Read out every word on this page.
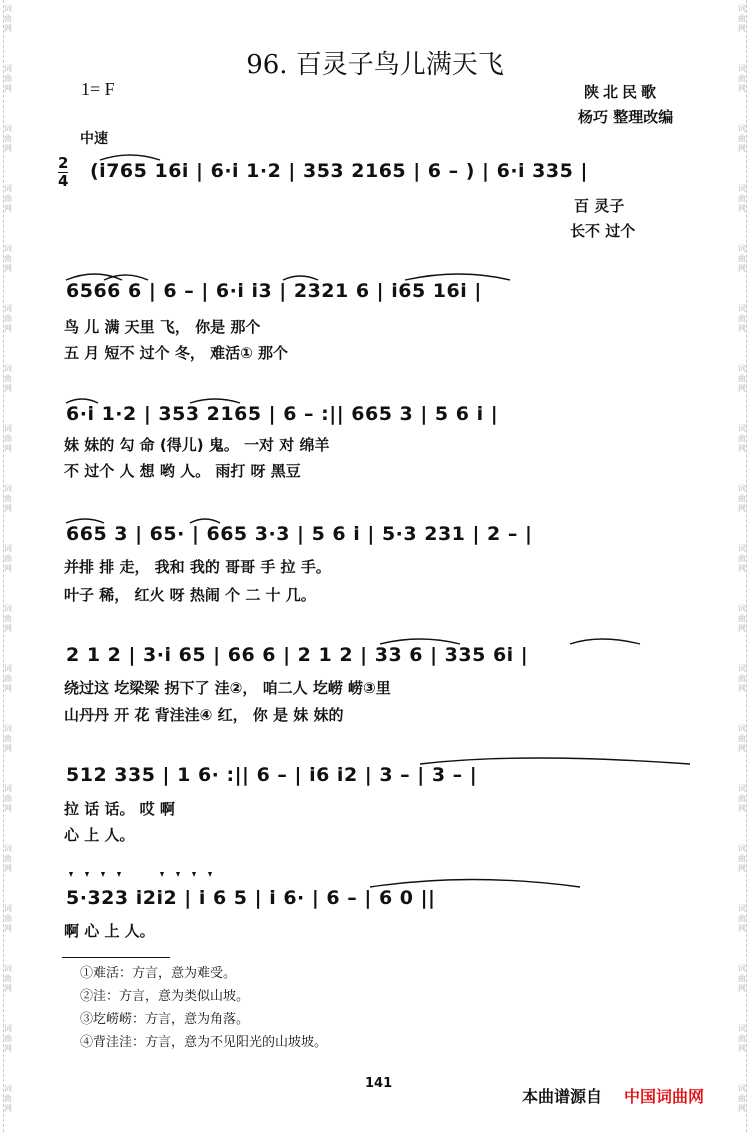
词
曲
网
词
曲
网
词
曲
网
词
曲
网
词
曲
网
词
曲
网
词
曲
网
词
曲
网
词
曲
网
词
曲
网
词
曲
网
词
曲
网
词
曲
网
词
曲
网
词
曲
网
词
曲
网
词
曲
网
词
曲
网
词
曲
网
词
曲
网
词
曲
网
词
曲
网
词
曲
网
词
曲
网
词
曲
网
词
曲
网
词
曲
网
词
曲
网
词
曲
网
词
曲
网
词
曲
网
词
曲
网
词
曲
网
词
曲
网
词
曲
网
词
曲
网
词
曲
网
词
曲
网
96. 百灵子鸟儿满天飞
1= F	陕北民歌
杨巧 整理改编
中速
2
4 (i765 16i | 6·i 1·2 | 353 2165 | 6 – ) | 6·i 335 |
百 灵子
长不 过个
6566 6 | 6 – | 6·i i3 | 2321 6 | i65 16i |
鸟 儿 满 天里 飞， 你是 那个
五 月 短不 过个 冬， 难活① 那个
6·i 1·2 | 353 2165 | 6 – :|| 665 3 | 5 6 i |
妹 妹的 勾 命 (得儿) 鬼。 一对 对 绵羊
不 过个 人 想 哟 人。 雨打 呀 黑豆
665 3 | 65· | 665 3·3 | 5 6 i | 5·3 231 | 2 – |
并排 排 走， 我和 我的 哥哥 手 拉 手。
叶子 稀， 红火 呀 热闹 个 二 十 几。
2 1 2 | 3·i 65 | 66 6 | 2 1 2 | 33 6 | 335 6i |
绕过这 圪梁梁 拐下了 洼②， 咱二人 圪崂 崂③里
山丹丹 开 花 背洼洼④ 红， 你 是 妹 妹的
512 335 | 1 6· :|| 6 – | i6 i2 | 3 – | 3 – |
拉 话 话。 哎 啊
心 上 人。
5·323 i2i2 | i 6 5 | i 6· | 6 – | 6 0 ||
啊 心 上 人。
①难活：方言，意为难受。
②洼：方言，意为类似山坡。
③圪崂崂：方言，意为角落。
④背洼洼：方言，意为不见阳光的山坡坡。
141
本曲谱源自 中国词曲网
